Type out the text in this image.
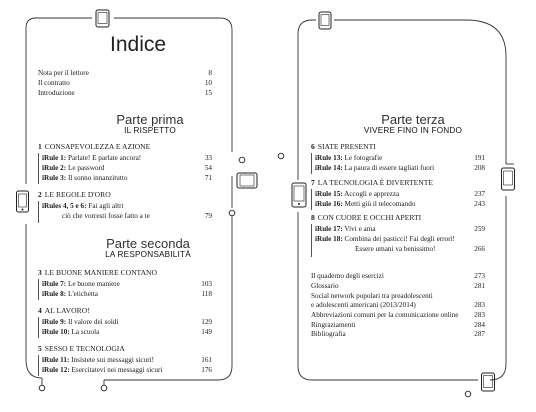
Indice
Nota per il lettore	8
Il contratto	10
Introduzione	15
Parte prima
IL RISPETTO
1 CONSAPEVOLEZZA E AZIONE
iRule 1: Parlate! E parlate ancora!	33
iRule 2: Le password	54
iRule 3: Il sonno innanzitutto	71
2 LE REGOLE D'ORO
iRules 4, 5 e 6: Fai agli altri
ciò che vorresti fosse fatto a te	79
Parte seconda
LA RESPONSABILITÀ
3 LE BUONE MANIERE CONTANO
iRule 7: Le buone maniere	103
iRule 8: L'etichetta	118
4 AL LAVORO!
iRule 9: Il valore dei soldi	129
iRule 10: La scuola	149
5 SESSO E TECNOLOGIA
iRule 11: Insistete sui messaggi sicuri!	161
iRule 12: Esercitatevi nei messaggi sicuri	176
Parte terza
VIVERE FINO IN FONDO
6 SIATE PRESENTI
iRule 13: Le fotografie	191
iRule 14: La paura di essere tagliati fuori	208
7 LA TECNOLOGIA È DIVERTENTE
iRule 15: Accogli e apprezza	237
iRule 16: Metti giù il telecomando	243
8 CON CUORE E OCCHI APERTI
iRule 17: Vivi e ama	259
iRule 18: Combina dei pasticci! Fai degli errori!
Essere umani va benissimo!	266
Il quaderno degli esercizi	273
Glossario	281
Social network popolari tra preadolescenti
e adolescenti americani (2013/2014)	283
Abbreviazioni comuni per la comunicazione online	283
Ringraziamenti	284
Bibliografia	287
